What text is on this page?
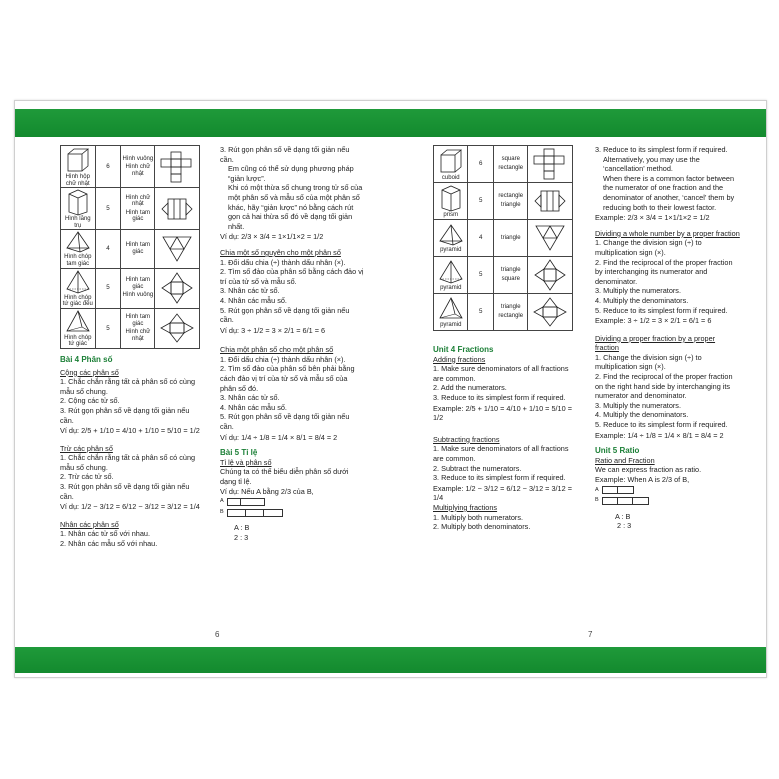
Hình hộp chữ nhật	6	Hình vuông
Hình chữ nhật

Hình lăng trụ	5	Hình chữ nhật
Hình tam giác

Hình chóp tam giác	4	Hình tam giác

Hình chóp tứ giác đều	5	Hình tam giác
Hình vuông

Hình chóp tứ giác	5	Hình tam giác
Hình chữ nhật

Bài 4 Phân số
Cộng các phân số
1. Chắc chắn rằng tất cả phân số có cùng mẫu số chung.
2. Cộng các tử số.
3. Rút gọn phân số về dạng tối giản nếu cần.
Ví dụ: 2/5 + 1/10 = 4/10 + 1/10 = 5/10 = 1/2
Trừ các phân số
1. Chắc chắn rằng tất cả phân số có cùng mẫu số chung.
2. Trừ các tử số.
3. Rút gọn phân số về dạng tối giản nếu cần.
Ví dụ: 1/2 − 3/12 = 6/12 − 3/12 = 3/12 = 1/4
Nhân các phân số
1. Nhân các tử số với nhau.
2. Nhân các mẫu số với nhau.
3. Rút gọn phân số về dạng tối giản nếu cần.
Em cũng có thể sử dụng phương pháp “giản lược”.
Khi có một thừa số chung trong tử số của một phân số và mẫu số của một phân số khác, hãy “giản lược” nó bằng cách rút gọn cả hai thừa số đó về dạng tối giản nhất.
Ví dụ: 2/3 × 3/4 = 1×1/1×2 = 1/2
Chia một số nguyên cho một phân số
1. Đổi dấu chia (÷) thành dấu nhân (×).
2. Tìm số đảo của phân số bằng cách đảo vị trí của tử số và mẫu số.
3. Nhân các tử số.
4. Nhân các mẫu số.
5. Rút gọn phân số về dạng tối giản nếu cần.
Ví dụ: 3 ÷ 1/2 = 3 × 2/1 = 6/1 = 6
Chia một phân số cho một phân số
1. Đổi dấu chia (÷) thành dấu nhân (×).
2. Tìm số đảo của phân số bên phải bằng cách đảo vị trí của tử số và mẫu số của phân số đó.
3. Nhân các tử số.
4. Nhân các mẫu số.
5. Rút gọn phân số về dạng tối giản nếu cần.
Ví dụ: 1/4 ÷ 1/8 = 1/4 × 8/1 = 8/4 = 2
Bài 5 Tỉ lệ
Tỉ lệ và phân số
Chúng ta có thể biểu diễn phân số dưới dạng tỉ lệ.
Ví dụ: Nếu A bằng 2/3 của B,
A
B
A : B
2 : 3
6
cuboid	6	square
rectangle

prism	5	rectangle
triangle

pyramid	4	triangle

pyramid	5	triangle
square

pyramid	5	triangle
rectangle

Unit 4 Fractions
Adding fractions
1. Make sure denominators of all fractions are common.
2. Add the numerators.
3. Reduce to its simplest form if required.
Example: 2/5 + 1/10 = 4/10 + 1/10 = 5/10 = 1/2
Subtracting fractions
1. Make sure denominators of all fractions are common.
2. Subtract the numerators.
3. Reduce to its simplest form if required.
Example: 1/2 − 3/12 = 6/12 − 3/12 = 3/12 = 1/4
Multiplying fractions
1. Multiply both numerators.
2. Multiply both denominators.
3. Reduce to its simplest form if required.
Alternatively, you may use the ‘cancellation’ method.
When there is a common factor between the numerator of one fraction and the denominator of another, ‘cancel’ them by reducing both to their lowest factor.
Example: 2/3 × 3/4 = 1×1/1×2 = 1/2
Dividing a whole number by a proper fraction
1. Change the division sign (÷) to multiplication sign (×).
2. Find the reciprocal of the proper fraction by interchanging its numerator and denominator.
3. Multiply the numerators.
4. Multiply the denominators.
5. Reduce to its simplest form if required.
Example: 3 ÷ 1/2 = 3 × 2/1 = 6/1 = 6
Dividing a proper fraction by a proper fraction
1. Change the division sign (÷) to multiplication sign (×).
2. Find the reciprocal of the proper fraction on the right hand side by interchanging its numerator and denominator.
3. Multiply the numerators.
4. Multiply the denominators.
5. Reduce to its simplest form if required.
Example: 1/4 ÷ 1/8 = 1/4 × 8/1 = 8/4 = 2
Unit 5 Ratio
Ratio and Fraction
We can express fraction as ratio.
Example: When A is 2/3 of B,
A
B
A : B
2 : 3
7
